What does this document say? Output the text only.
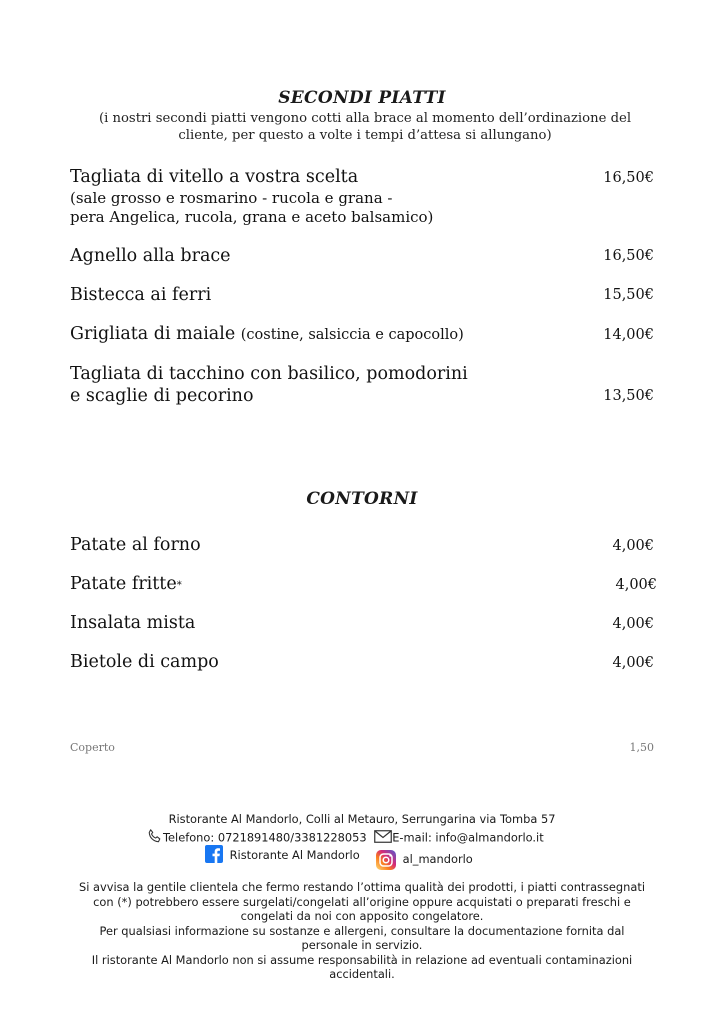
SECONDI PIATTI
(i nostri secondi piatti vengono cotti alla brace al momento dell’ordinazione del
cliente, per questo a volte i tempi d’attesa si allungano)
Tagliata di vitello a vostra scelta	16,50€
(sale grosso e rosmarino - rucola e grana -
pera Angelica, rucola, grana e aceto balsamico)
Agnello alla brace	16,50€
Bistecca ai ferri	15,50€
Grigliata di maiale (costine, salsiccia e capocollo)	14,00€
Tagliata di tacchino con basilico, pomodorini
e scaglie di pecorino	13,50€
CONTORNI
Patate al forno	4,00€
Patate fritte*	4,00€
Insalata mista	4,00€
Bietole di campo	4,00€
Coperto	1,50
Ristorante Al Mandorlo, Colli al Metauro, Serrungarina via Tomba 57
Telefono: 0721891480/3381228053 E-mail: info@almandorlo.it
Ristorante Al Mandorlo	al_mandorlo
Si avvisa la gentile clientela che fermo restando l’ottima qualità dei prodotti, i piatti contrassegnati
con (*) potrebbero essere surgelati/congelati all’origine oppure acquistati o preparati freschi e
congelati da noi con apposito congelatore.
Per qualsiasi informazione su sostanze e allergeni, consultare la documentazione fornita dal
personale in servizio.
Il ristorante Al Mandorlo non si assume responsabilità in relazione ad eventuali contaminazioni
accidentali.
